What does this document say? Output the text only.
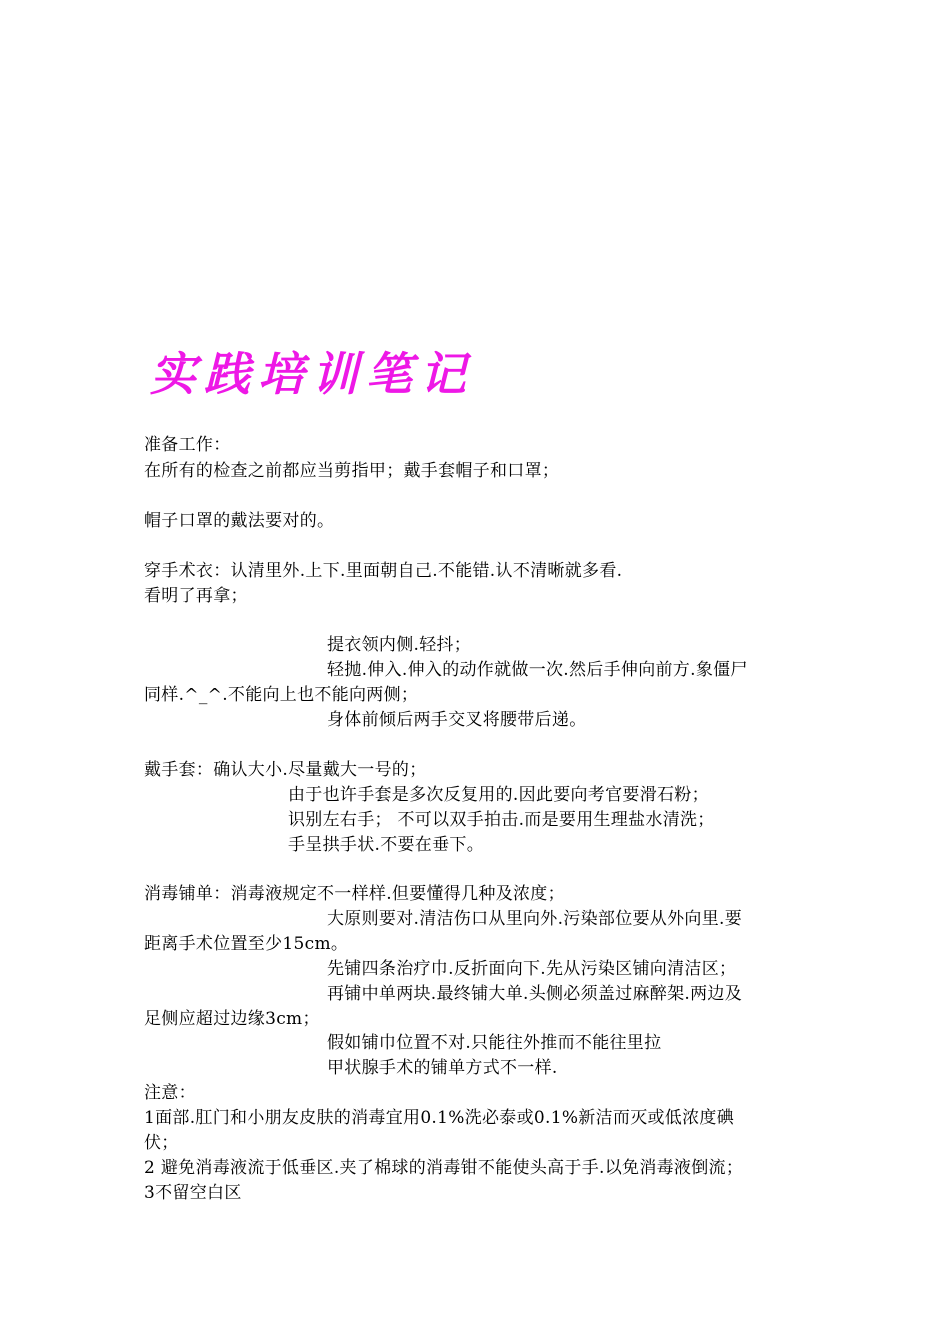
实践培训笔记
准备工作：
在所有的检查之前都应当剪指甲；戴手套帽子和口罩；
帽子口罩的戴法要对的。
穿手术衣：认清里外.上下.里面朝自己.不能错.认不清晰就多看.
看明了再拿；
提衣领内侧.轻抖；
轻抛.伸入.伸入的动作就做一次.然后手伸向前方.象僵尸
同样.^_^.不能向上也不能向两侧；
身体前倾后两手交叉将腰带后递。
戴手套：确认大小.尽量戴大一号的；
由于也许手套是多次反复用的.因此要向考官要滑石粉；
识别左右手； 不可以双手拍击.而是要用生理盐水清洗；
手呈拱手状.不要在垂下。
消毒铺单：消毒液规定不一样样.但要懂得几种及浓度；
大原则要对.清洁伤口从里向外.污染部位要从外向里.要
距离手术位置至少15cm。
先铺四条治疗巾.反折面向下.先从污染区铺向清洁区；
再铺中单两块.最终铺大单.头侧必须盖过麻醉架.两边及
足侧应超过边缘3cm；
假如铺巾位置不对.只能往外推而不能往里拉
甲状腺手术的铺单方式不一样.
注意：
1面部.肛门和小朋友皮肤的消毒宜用0.1%洗必泰或0.1%新洁而灭或低浓度碘
伏；
2 避免消毒液流于低垂区.夹了棉球的消毒钳不能使头高于手.以免消毒液倒流；
3不留空白区
